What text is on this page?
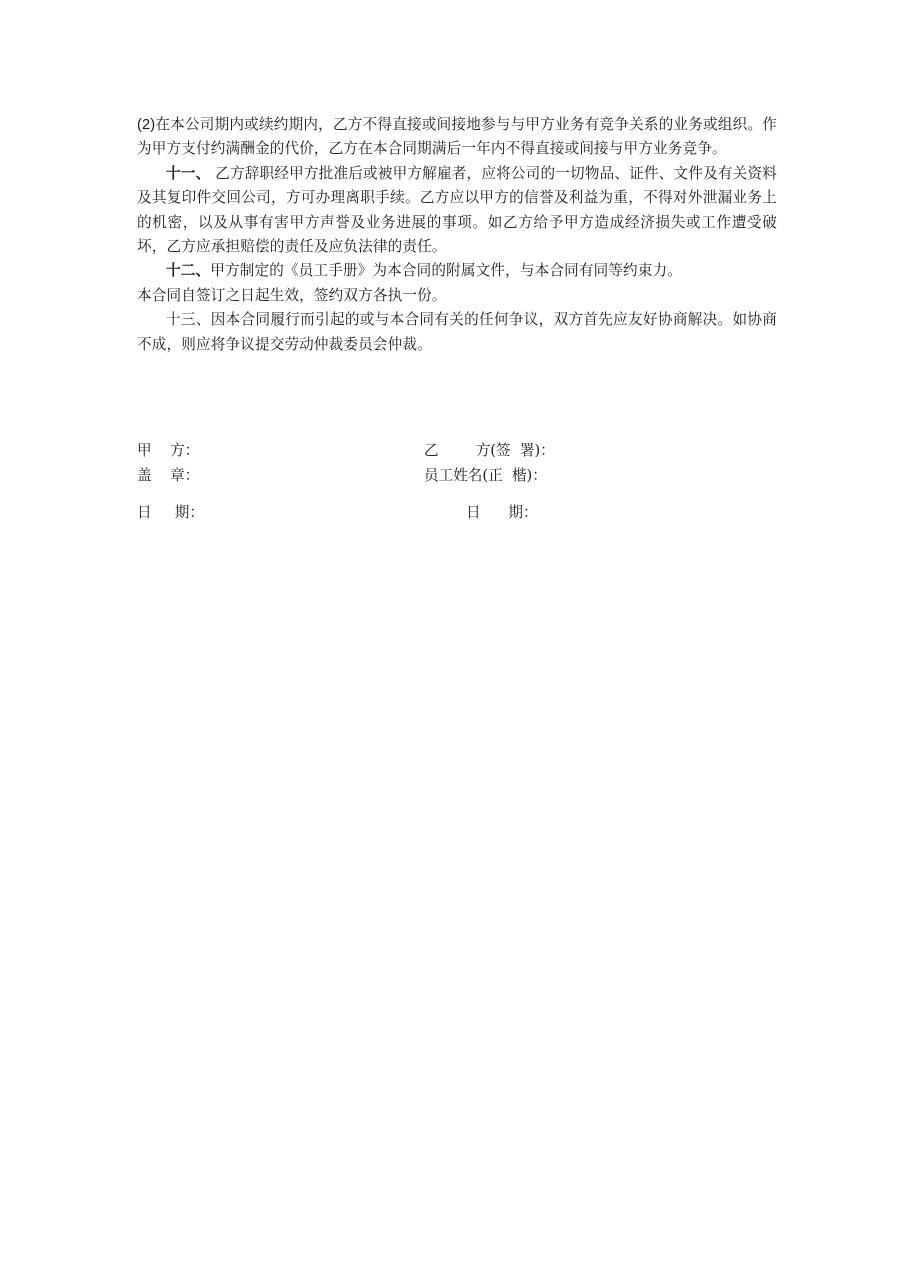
(2)在本公司期内或续约期内，乙方不得直接或间接地参与与甲方业务有竞争关系的业务或组织。作为甲方支付约满酬金的代价，乙方在本合同期满后一年内不得直接或间接与甲方业务竞争。

十一、 乙方辞职经甲方批准后或被甲方解雇者，应将公司的一切物品、证件、文件及有关资料及其复印件交回公司，方可办理离职手续。乙方应以甲方的信誉及利益为重，不得对外泄漏业务上的机密，以及从事有害甲方声誉及业务进展的事项。如乙方给予甲方造成经济损失或工作遭受破坏，乙方应承担赔偿的责任及应负法律的责任。

十二、甲方制定的《员工手册》为本合同的附属文件，与本合同有同等约束力。

本合同自签订之日起生效，签约双方各执一份。

十三、因本合同履行而引起的或与本合同有关的任何争议，双方首先应友好协商解决。如协商不成，则应将争议提交劳动仲裁委员会仲裁。

甲    方：	乙        方(签  署)：
盖    章：	员工姓名(正  楷)：
日     期：	日      期：
